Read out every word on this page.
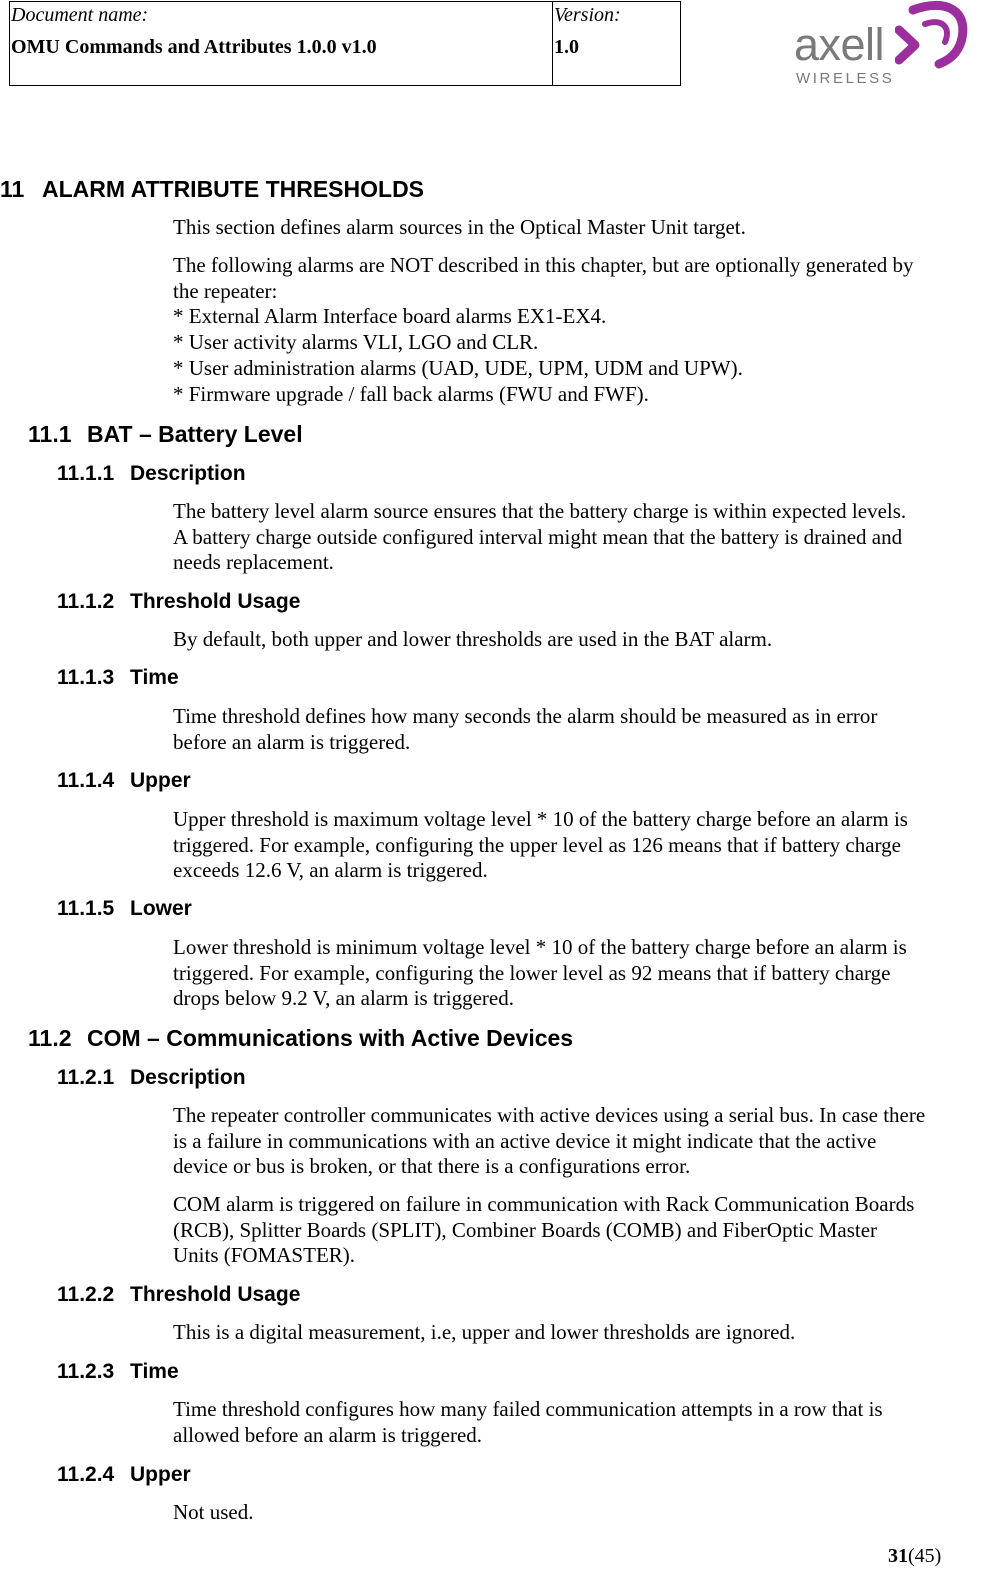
Document name:
OMU Commands and Attributes 1.0.0 v1.0
Version:
1.0	axell
WIRELESS
11 ALARM ATTRIBUTE THRESHOLDS
This section defines alarm sources in the Optical Master Unit target.
The following alarms are NOT described in this chapter, but are optionally generated by
the repeater:
* External Alarm Interface board alarms EX1-EX4.
* User activity alarms VLI, LGO and CLR.
* User administration alarms (UAD, UDE, UPM, UDM and UPW).
* Firmware upgrade / fall back alarms (FWU and FWF).
11.1 BAT – Battery Level
11.1.1 Description
The battery level alarm source ensures that the battery charge is within expected levels.
A battery charge outside configured interval might mean that the battery is drained and
needs replacement.
11.1.2 Threshold Usage
By default, both upper and lower thresholds are used in the BAT alarm.
11.1.3 Time
Time threshold defines how many seconds the alarm should be measured as in error
before an alarm is triggered.
11.1.4 Upper
Upper threshold is maximum voltage level * 10 of the battery charge before an alarm is
triggered. For example, configuring the upper level as 126 means that if battery charge
exceeds 12.6 V, an alarm is triggered.
11.1.5 Lower
Lower threshold is minimum voltage level * 10 of the battery charge before an alarm is
triggered. For example, configuring the lower level as 92 means that if battery charge
drops below 9.2 V, an alarm is triggered.
11.2 COM – Communications with Active Devices
11.2.1 Description
The repeater controller communicates with active devices using a serial bus. In case there
is a failure in communications with an active device it might indicate that the active
device or bus is broken, or that there is a configurations error.
COM alarm is triggered on failure in communication with Rack Communication Boards
(RCB), Splitter Boards (SPLIT), Combiner Boards (COMB) and FiberOptic Master
Units (FOMASTER).
11.2.2 Threshold Usage
This is a digital measurement, i.e, upper and lower thresholds are ignored.
11.2.3 Time
Time threshold configures how many failed communication attempts in a row that is
allowed before an alarm is triggered.
11.2.4 Upper
Not used.
31(45)
